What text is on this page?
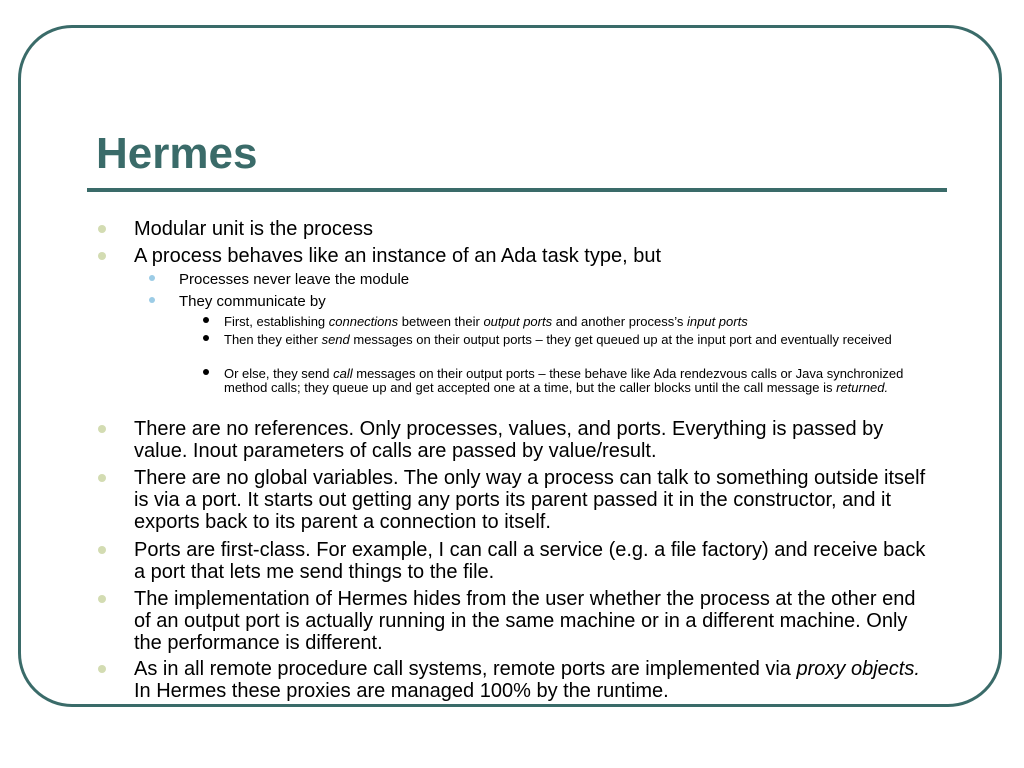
Hermes
Modular unit is the process
A process behaves like an instance of an Ada task type, but
Processes never leave the module
They communicate by
First, establishing connections between their output ports and another process’s input ports
Then they either send messages on their output ports – they get queued up at the input port and eventually received
Or else, they send call messages on their output ports – these behave like Ada rendezvous calls or Java synchronized method calls; they queue up and get accepted one at a time, but the caller blocks until the call message is returned.
There are no references. Only processes, values, and ports. Everything is passed by value. Inout parameters of calls are passed by value/result.
There are no global variables. The only way a process can talk to something outside itself is via a port. It starts out getting any ports its parent passed it in the constructor, and it exports back to its parent a connection to itself.
Ports are first-class. For example, I can call a service (e.g. a file factory) and receive back a port that lets me send things to the file.
The implementation of Hermes hides from the user whether the process at the other end of an output port is actually running in the same machine or in a different machine. Only the performance is different.
As in all remote procedure call systems, remote ports are implemented via proxy objects. In Hermes these proxies are managed 100% by the runtime.
